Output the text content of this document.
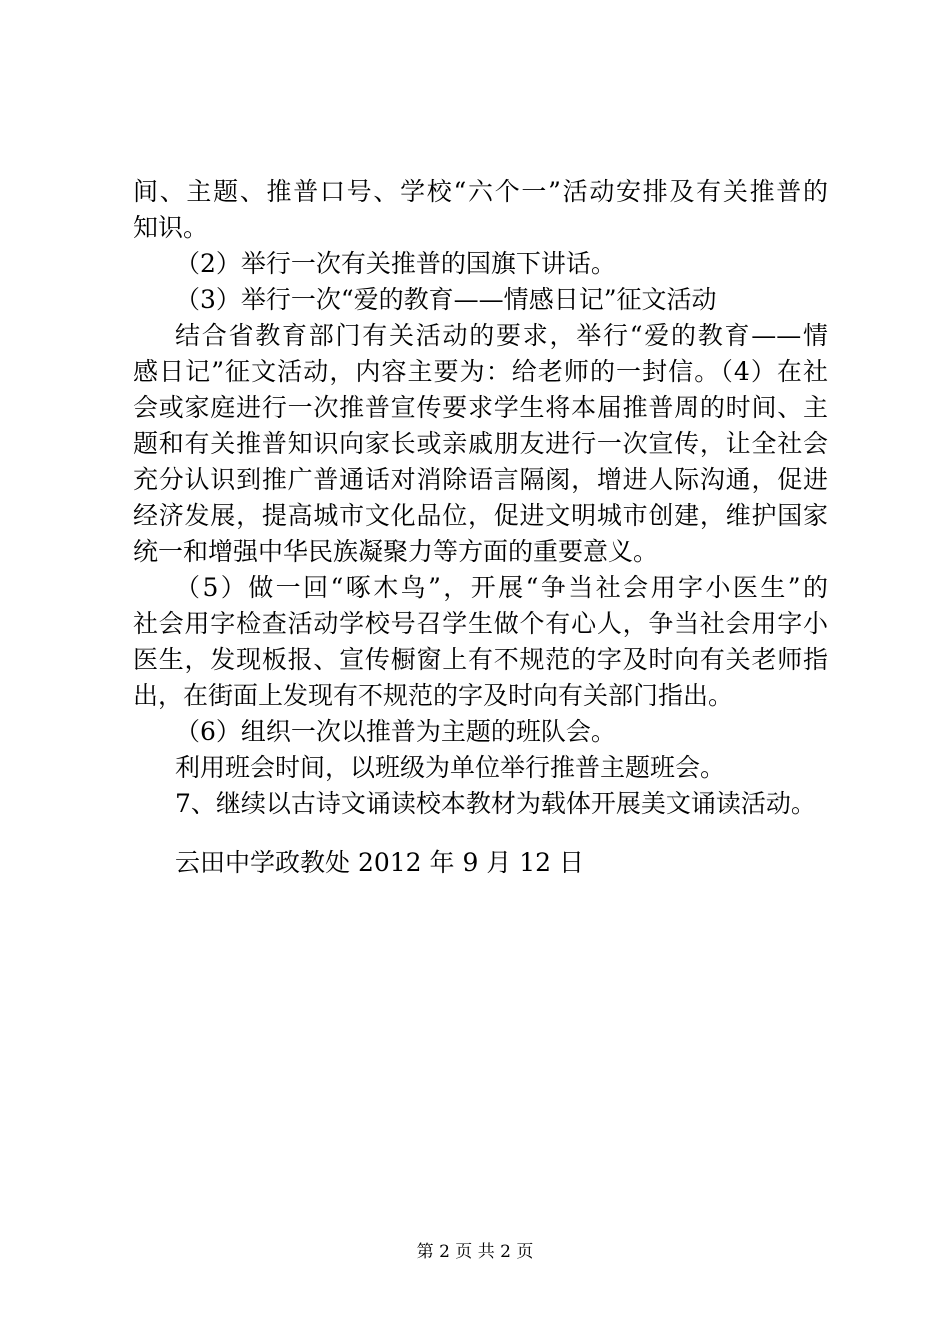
间、主题、推普口号、学校“六个一”活动安排及有关推普的
知识。
（2）举行一次有关推普的国旗下讲话。
（3）举行一次“爱的教育——情感日记”征文活动
结合省教育部门有关活动的要求，举行“爱的教育——情
感日记”征文活动，内容主要为：给老师的一封信。（4）在社
会或家庭进行一次推普宣传要求学生将本届推普周的时间、主
题和有关推普知识向家长或亲戚朋友进行一次宣传，让全社会
充分认识到推广普通话对消除语言隔阂，增进人际沟通，促进
经济发展，提高城市文化品位，促进文明城市创建，维护国家
统一和增强中华民族凝聚力等方面的重要意义。
（5）做一回“啄木鸟”，开展“争当社会用字小医生”的
社会用字检查活动学校号召学生做个有心人，争当社会用字小
医生，发现板报、宣传橱窗上有不规范的字及时向有关老师指
出，在街面上发现有不规范的字及时向有关部门指出。
（6）组织一次以推普为主题的班队会。
利用班会时间，以班级为单位举行推普主题班会。
7、继续以古诗文诵读校本教材为载体开展美文诵读活动。
云田中学政教处 2012 年 9 月 12 日
第 2 页 共 2 页
